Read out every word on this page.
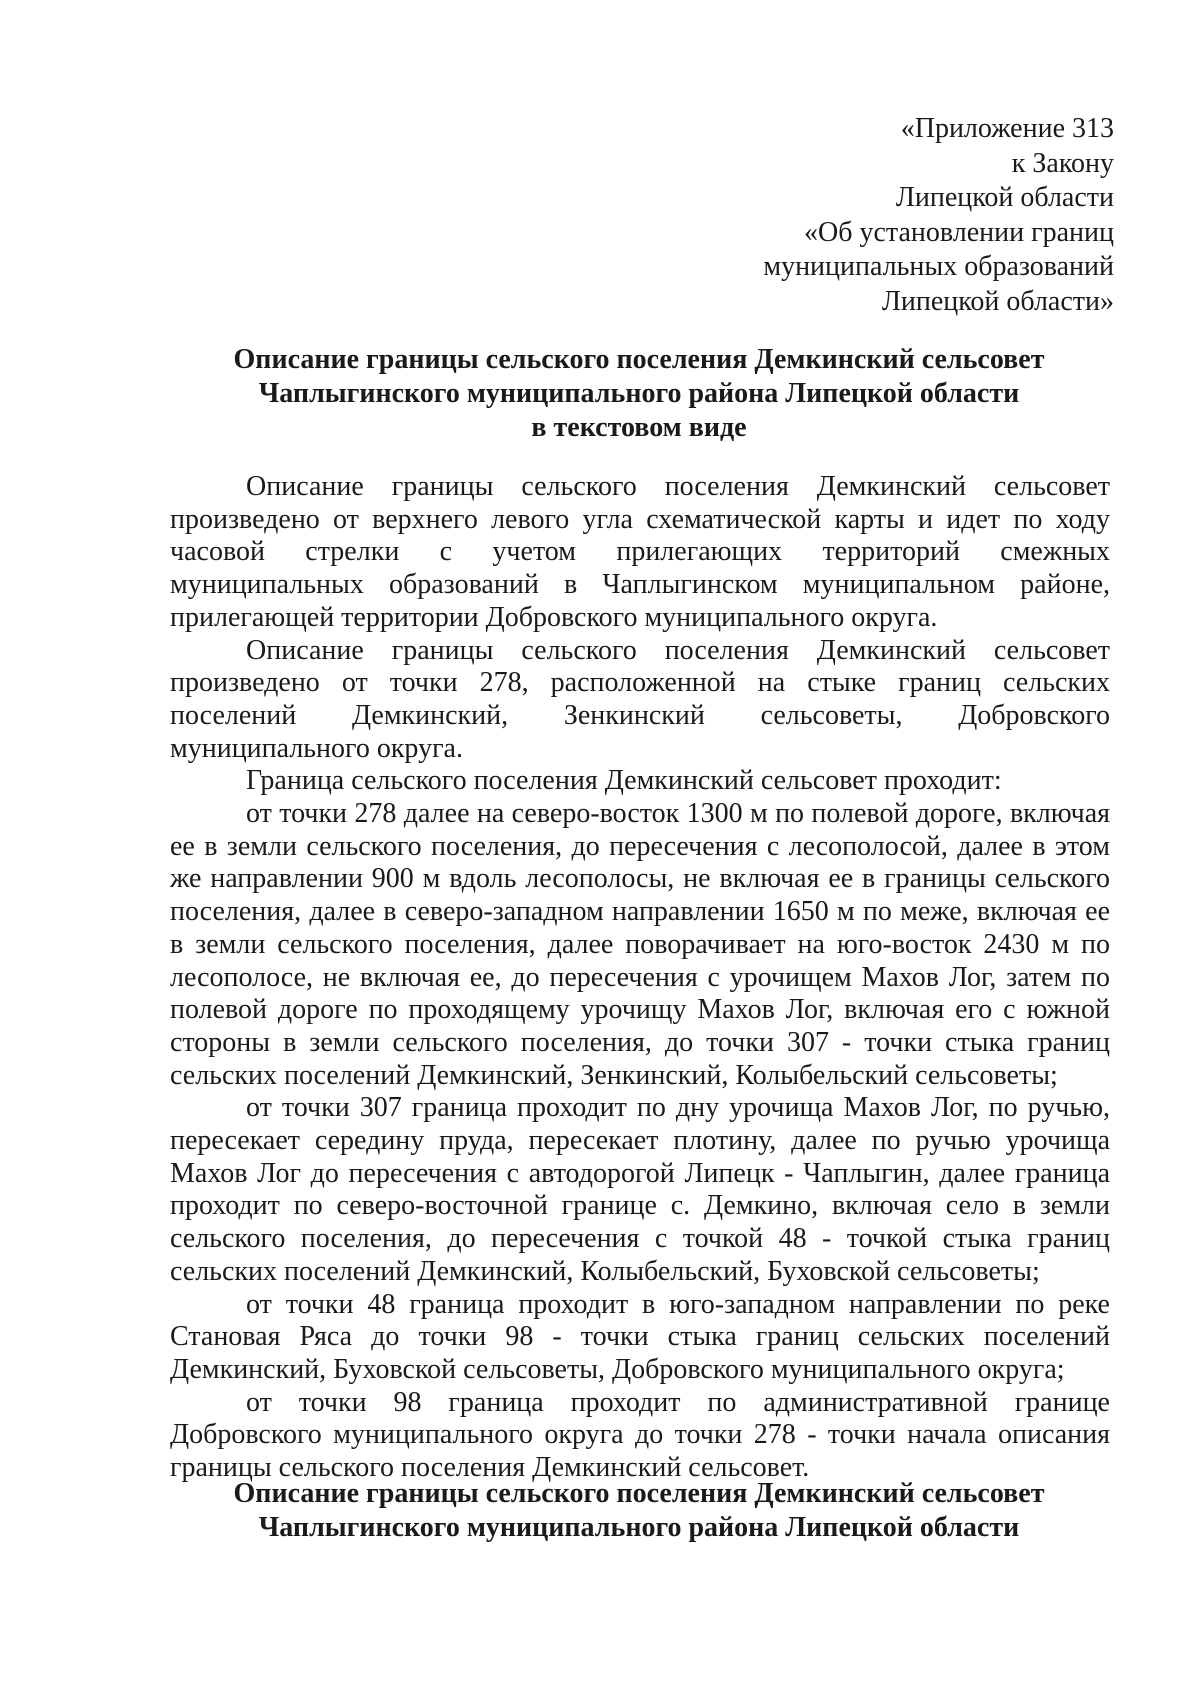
«Приложение 313
к Закону
Липецкой области
«Об установлении границ
муниципальных образований
Липецкой области»
Описание границы сельского поселения Демкинский сельсовет
Чаплыгинского муниципального района Липецкой области
в текстовом виде

Описание границы сельского поселения Демкинский сельсовет произведено от верхнего левого угла схематической карты и идет по ходу часовой стрелки с учетом прилегающих территорий смежных муниципальных образований в Чаплыгинском муниципальном районе, прилегающей территории Добровского муниципального округа.

Описание границы сельского поселения Демкинский сельсовет произведено от точки 278, расположенной на стыке границ сельских поселений Демкинский, Зенкинский сельсоветы, Добровского муниципального округа.

Граница сельского поселения Демкинский сельсовет проходит:

от точки 278 далее на северо-восток 1300 м по полевой дороге, включая ее в земли сельского поселения, до пересечения с лесополосой, далее в этом же направлении 900 м вдоль лесополосы, не включая ее в границы сельского поселения, далее в северо-западном направлении 1650 м по меже, включая ее в земли сельского поселения, далее поворачивает на юго-восток 2430 м по лесополосе, не включая ее, до пересечения с урочищем Махов Лог, затем по полевой дороге по проходящему урочищу Махов Лог, включая его с южной стороны в земли сельского поселения, до точки 307 - точки стыка границ сельских поселений Демкинский, Зенкинский, Колыбельский сельсоветы;

от точки 307 граница проходит по дну урочища Махов Лог, по ручью, пересекает середину пруда, пересекает плотину, далее по ручью урочища Махов Лог до пересечения с автодорогой Липецк - Чаплыгин, далее граница проходит по северо-восточной границе с. Демкино, включая село в земли сельского поселения, до пересечения с точкой 48 - точкой стыка границ сельских поселений Демкинский, Колыбельский, Буховской сельсоветы;

от точки 48 граница проходит в юго-западном направлении по реке Становая Ряса до точки 98 - точки стыка границ сельских поселений Демкинский, Буховской сельсоветы, Добровского муниципального округа;

от точки 98 граница проходит по административной границе Добровского муниципального округа до точки 278 - точки начала описания границы сельского поселения Демкинский сельсовет.

Описание границы сельского поселения Демкинский сельсовет
Чаплыгинского муниципального района Липецкой области
